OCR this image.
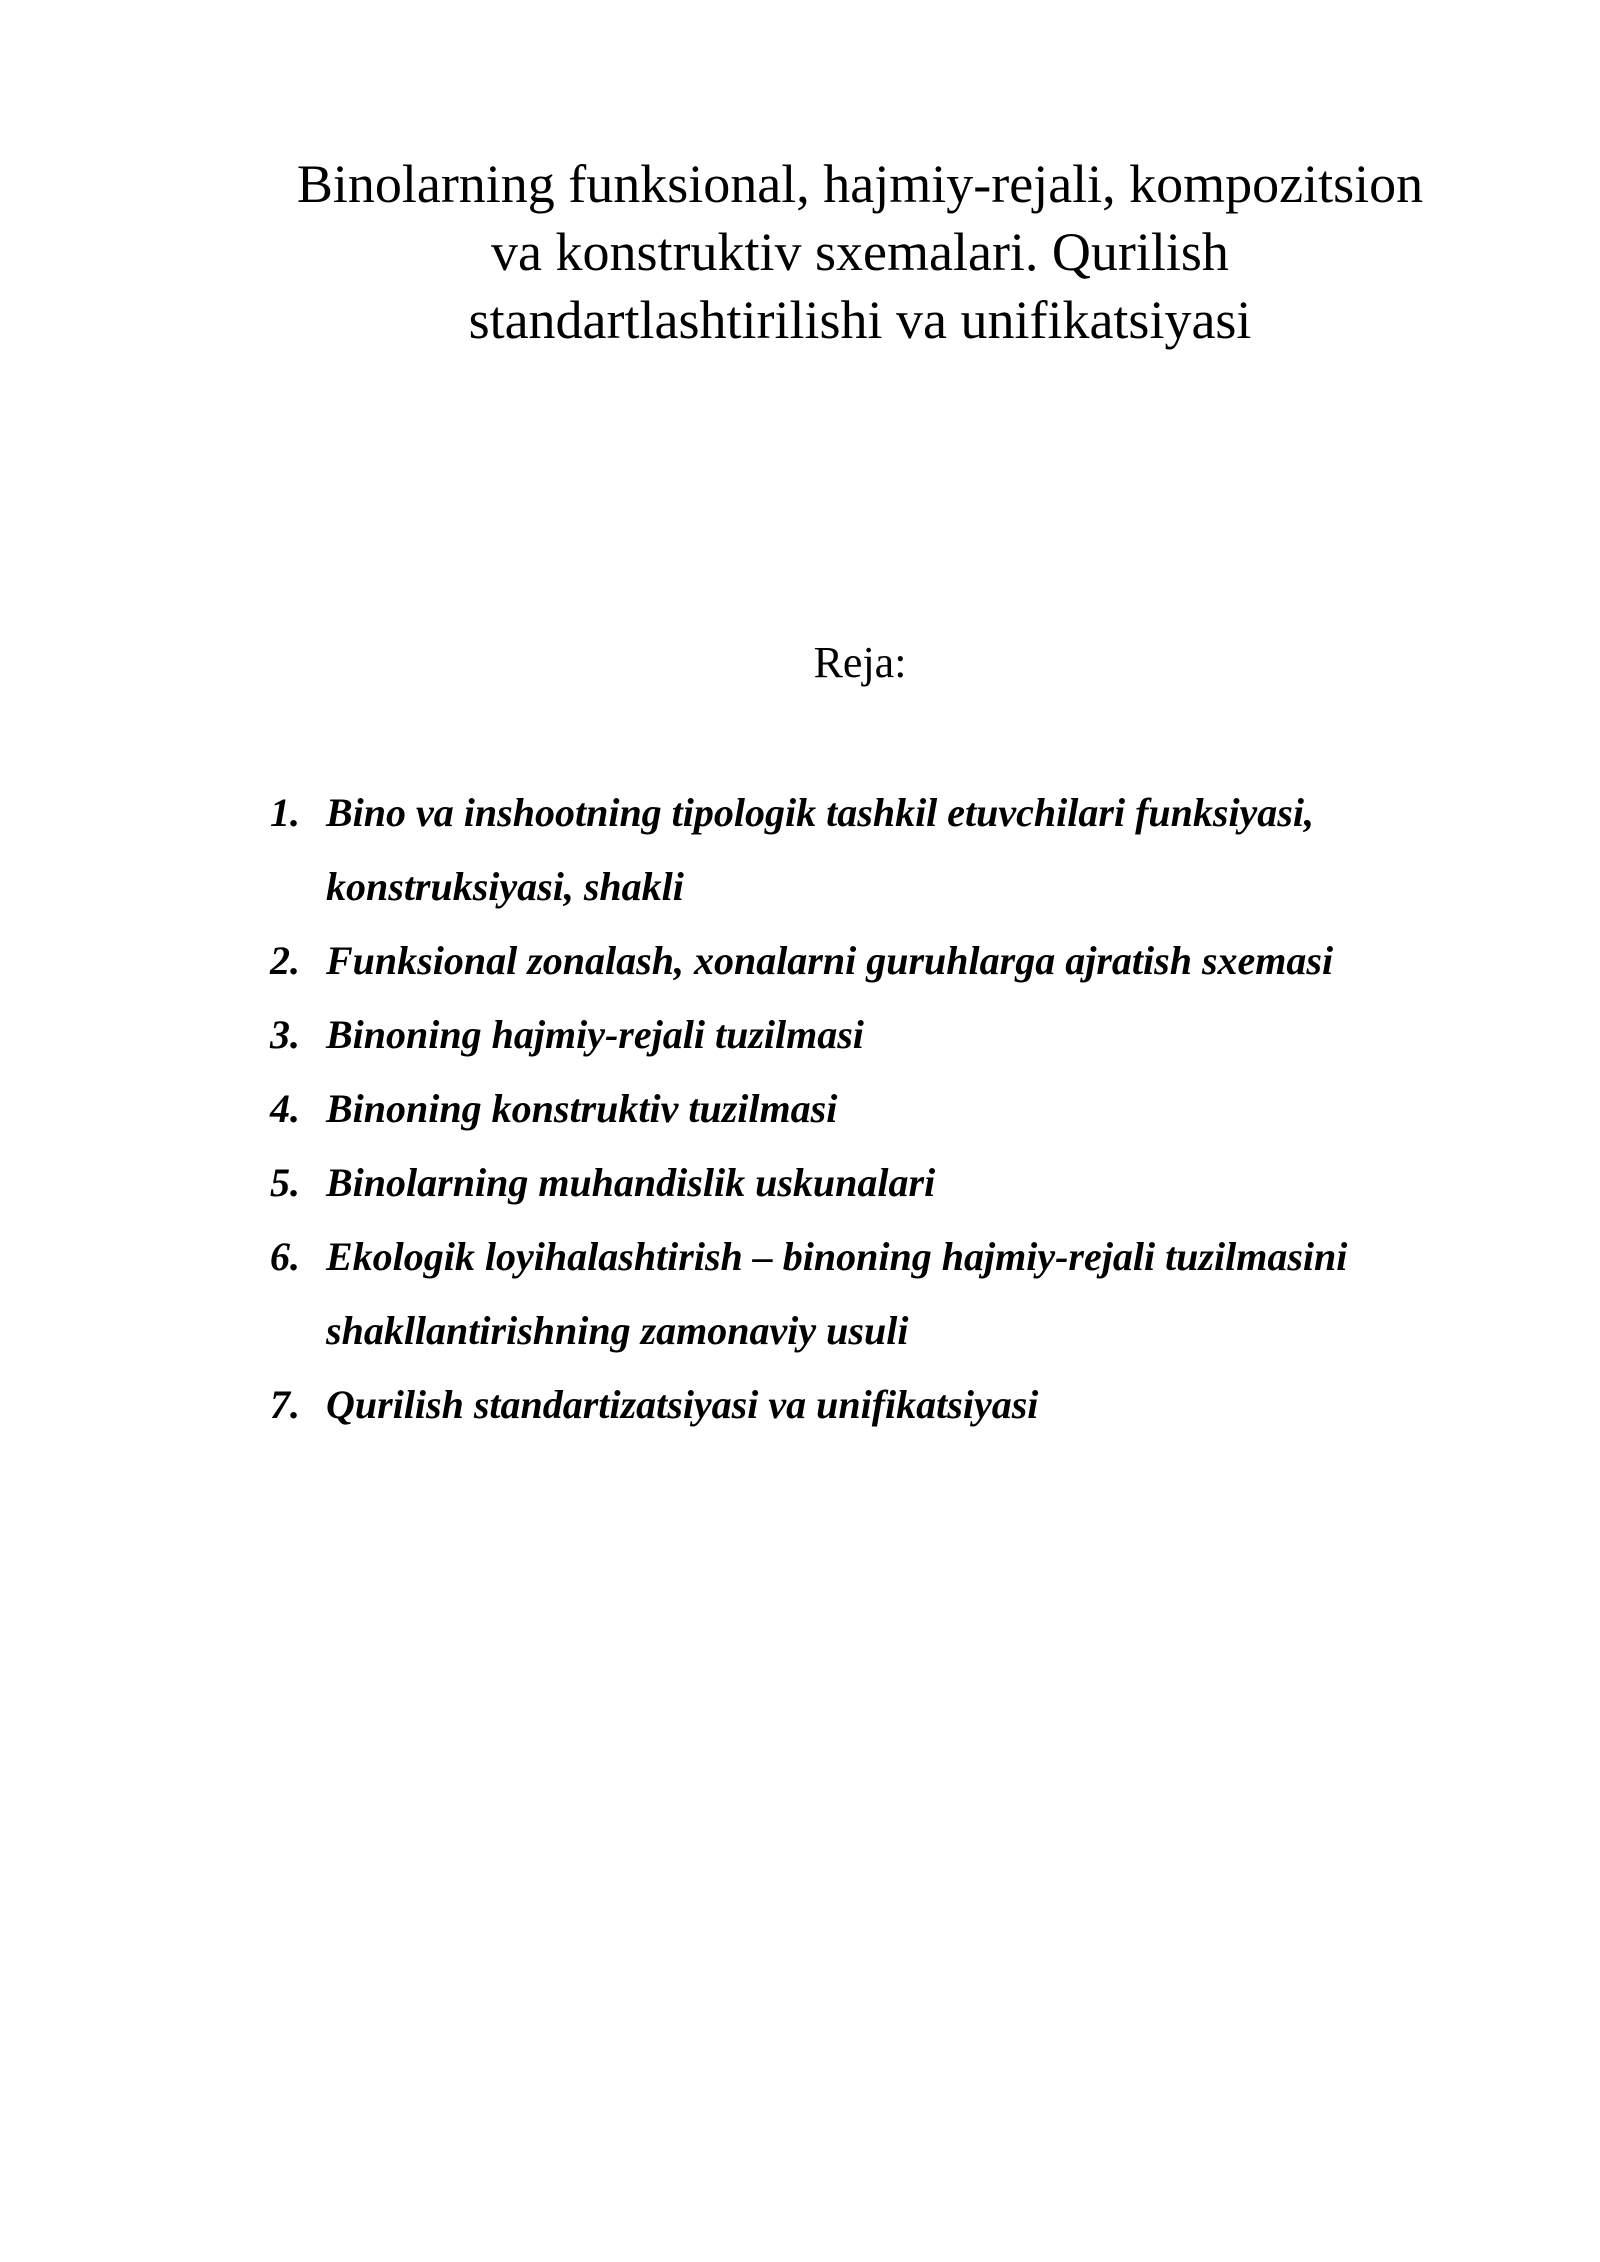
Binolarning funksional, hajmiy-rejali, kompozitsion
va konstruktiv sxemalari. Qurilish
standartlashtirilishi va unifikatsiyasi
Reja:
1. Bino va inshootning tipologik tashkil etuvchilari funksiyasi,
konstruksiyasi, shakli
2. Funksional zonalash, xonalarni guruhlarga ajratish sxemasi
3. Binoning hajmiy-rejali tuzilmasi
4. Binoning konstruktiv tuzilmasi
5. Binolarning muhandislik uskunalari
6. Ekologik loyihalashtirish – binoning hajmiy-rejali tuzilmasini
shakllantirishning zamonaviy usuli
7. Qurilish standartizatsiyasi va unifikatsiyasi
